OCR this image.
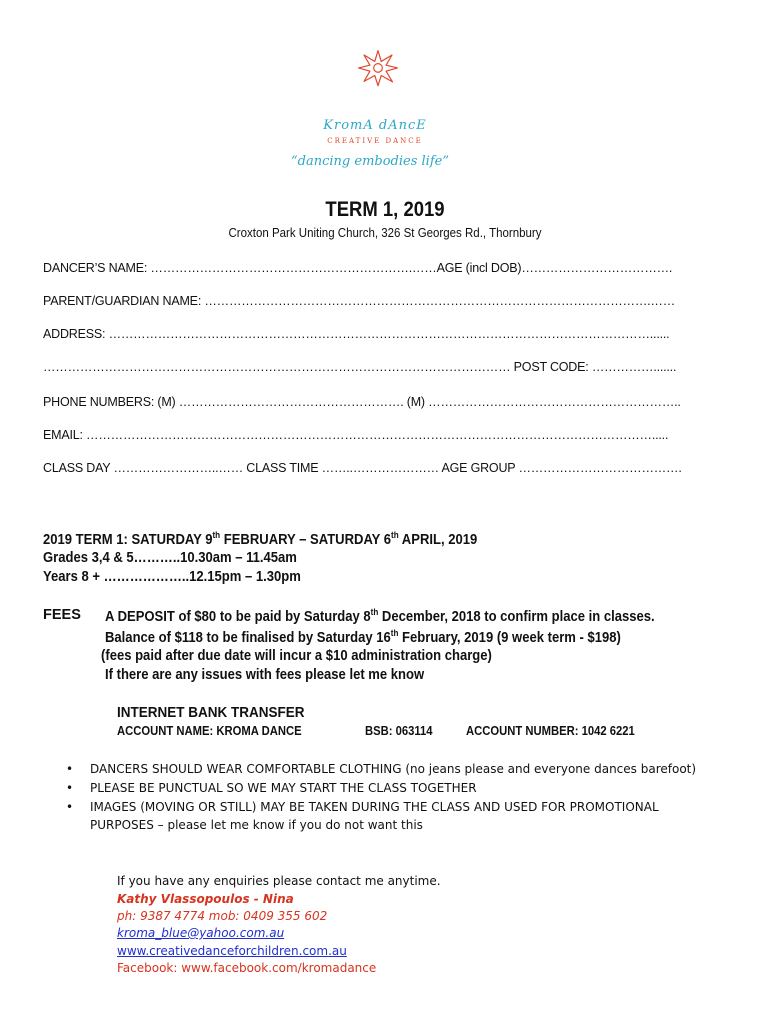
KromA dAncE
CREATIVE DANCE
“dancing embodies life”
TERM 1, 2019
Croxton Park Uniting Church, 326 St Georges Rd., Thornbury
DANCER’S NAME: ……………………………………………………….……AGE (incl DOB)……………………………….
PARENT/GUARDIAN NAME: ……………………………………………………………………………………………….……
ADDRESS: ……………………………………………………………………………………………………………………......
…………………………………………………………………………………………………… POST CODE: …………….......
PHONE NUMBERS: (M) ………………………………………………. (M) ……………………………………………………..
EMAIL: ………………………………………………………………………………………………………………………….....
CLASS DAY ……………………..…… CLASS TIME ……..………………… AGE GROUP ………………………………….
2019 TERM 1: SATURDAY 9th FEBRUARY – SATURDAY 6th APRIL, 2019
Grades 3,4 & 5………..10.30am – 11.45am
Years 8 + ………………..12.15pm – 1.30pm
FEES A DEPOSIT of $80 to be paid by Saturday 8th December, 2018 to confirm place in classes.
Balance of $118 to be finalised by Saturday 16th February, 2019 (9 week term - $198)
(fees paid after due date will incur a $10 administration charge)
If there are any issues with fees please let me know
INTERNET BANK TRANSFER
ACCOUNT NAME: KROMA DANCE	BSB: 063114	ACCOUNT NUMBER: 1042 6221
• DANCERS SHOULD WEAR COMFORTABLE CLOTHING (no jeans please and everyone dances barefoot)
• PLEASE BE PUNCTUAL SO WE MAY START THE CLASS TOGETHER
• IMAGES (MOVING OR STILL) MAY BE TAKEN DURING THE CLASS AND USED FOR PROMOTIONAL PURPOSES – please let me know if you do not want this
If you have any enquiries please contact me anytime.
Kathy Vlassopoulos - Nina
ph: 9387 4774 mob: 0409 355 602
kroma_blue@yahoo.com.au
www.creativedanceforchildren.com.au
Facebook: www.facebook.com/kromadance
